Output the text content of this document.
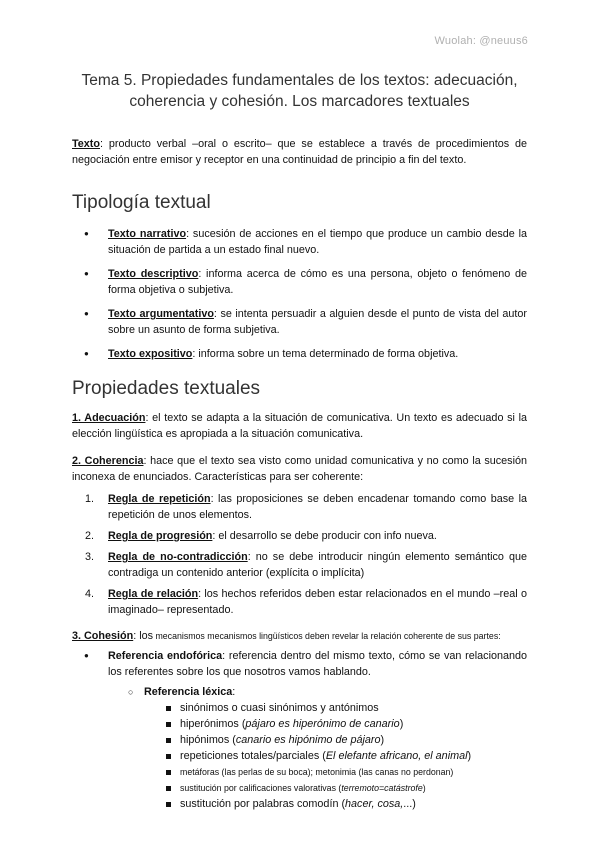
Wuolah: @neuus6
Tema 5. Propiedades fundamentales de los textos: adecuación, coherencia y cohesión. Los marcadores textuales

Texto: producto verbal –oral o escrito– que se establece a través de procedimientos de negociación entre emisor y receptor en una continuidad de principio a fin del texto.

Tipología textual
● Texto narrativo: sucesión de acciones en el tiempo que produce un cambio desde la situación de partida a un estado final nuevo.
● Texto descriptivo: informa acerca de cómo es una persona, objeto o fenómeno de forma objetiva o subjetiva.
● Texto argumentativo: se intenta persuadir a alguien desde el punto de vista del autor sobre un asunto de forma subjetiva.
● Texto expositivo: informa sobre un tema determinado de forma objetiva.
Propiedades textuales

1. Adecuación: el texto se adapta a la situación de comunicativa. Un texto es adecuado si la elección lingüística es apropiada a la situación comunicativa.

2. Coherencia: hace que el texto sea visto como unidad comunicativa y no como la sucesión inconexa de enunciados. Características para ser coherente:

1. Regla de repetición: las proposiciones se deben encadenar tomando como base la repetición de unos elementos.
2. Regla de progresión: el desarrollo se debe producir con info nueva.
3. Regla de no-contradicción: no se debe introducir ningún elemento semántico que contradiga un contenido anterior (explícita o implícita)
4. Regla de relación: los hechos referidos deben estar relacionados en el mundo –real o imaginado– representado.

3. Cohesión: los mecanismos mecanismos lingüísticos deben revelar la relación coherente de sus partes:

● Referencia endofórica: referencia dentro del mismo texto, cómo se van relacionando los referentes sobre los que nosotros vamos hablando.
○ Referencia léxica:
sinónimos o cuasi sinónimos y antónimos
hiperónimos (pájaro es hiperónimo de canario)
hipónimos (canario es hipónimo de pájaro)
repeticiones totales/parciales (El elefante africano, el animal)
metáforas (las perlas de su boca); metonimia (las canas no perdonan)
sustitución por calificaciones valorativas (terremoto=catástrofe)
sustitución por palabras comodín (hacer, cosa,...)
